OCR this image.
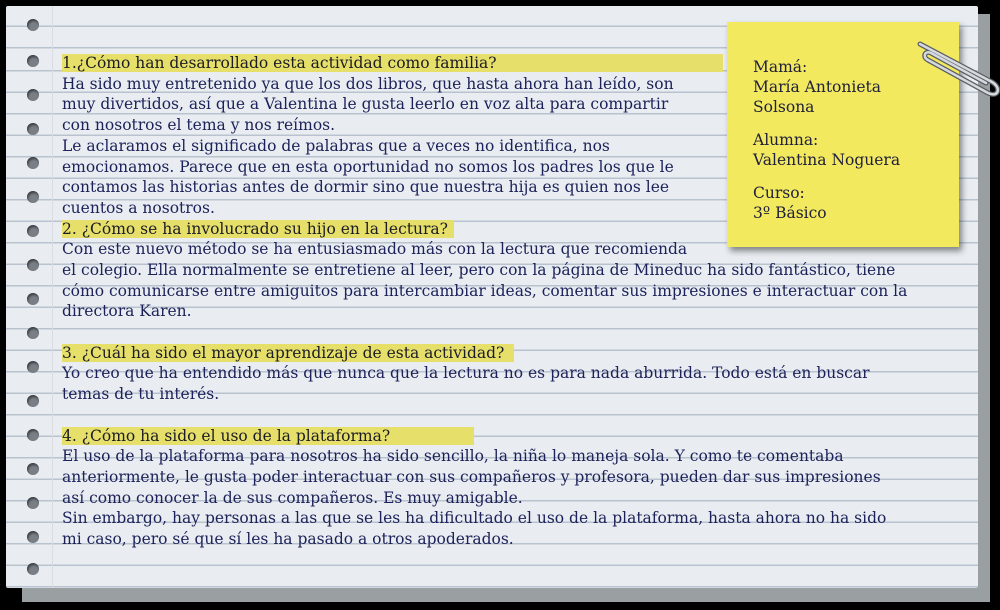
1.¿Cómo han desarrollado esta actividad como familia?

Ha sido muy entretenido ya que los dos libros, que hasta ahora han leído, son

muy divertidos, así que a Valentina le gusta leerlo en voz alta para compartir

con nosotros el tema y nos reímos.

Le aclaramos el significado de palabras que a veces no identifica, nos

emocionamos. Parece que en esta oportunidad no somos los padres los que le

contamos las historias antes de dormir sino que nuestra hija es quien nos lee

cuentos a nosotros.

2. ¿Cómo se ha involucrado su hijo en la lectura?

Con este nuevo método se ha entusiasmado más con la lectura que recomienda

el colegio. Ella normalmente se entretiene al leer, pero con la página de Mineduc ha sido fantástico, tiene

cómo comunicarse entre amiguitos para intercambiar ideas, comentar sus impresiones e interactuar con la

directora Karen.

3. ¿Cuál ha sido el mayor aprendizaje de esta actividad?

Yo creo que ha entendido más que nunca que la lectura no es para nada aburrida. Todo está en buscar

temas de tu interés.

4. ¿Cómo ha sido el uso de la plataforma?

El uso de la plataforma para nosotros ha sido sencillo, la niña lo maneja sola. Y como te comentaba

anteriormente, le gusta poder interactuar con sus compañeros y profesora, pueden dar sus impresiones

así como conocer la de sus compañeros. Es muy amigable.

Sin embargo, hay personas a las que se les ha dificultado el uso de la plataforma, hasta ahora no ha sido

mi caso, pero sé que sí les ha pasado a otros apoderados.

Mamá:
María Antonieta
Solsona

Alumna:
Valentina Noguera

Curso:
3º Básico
